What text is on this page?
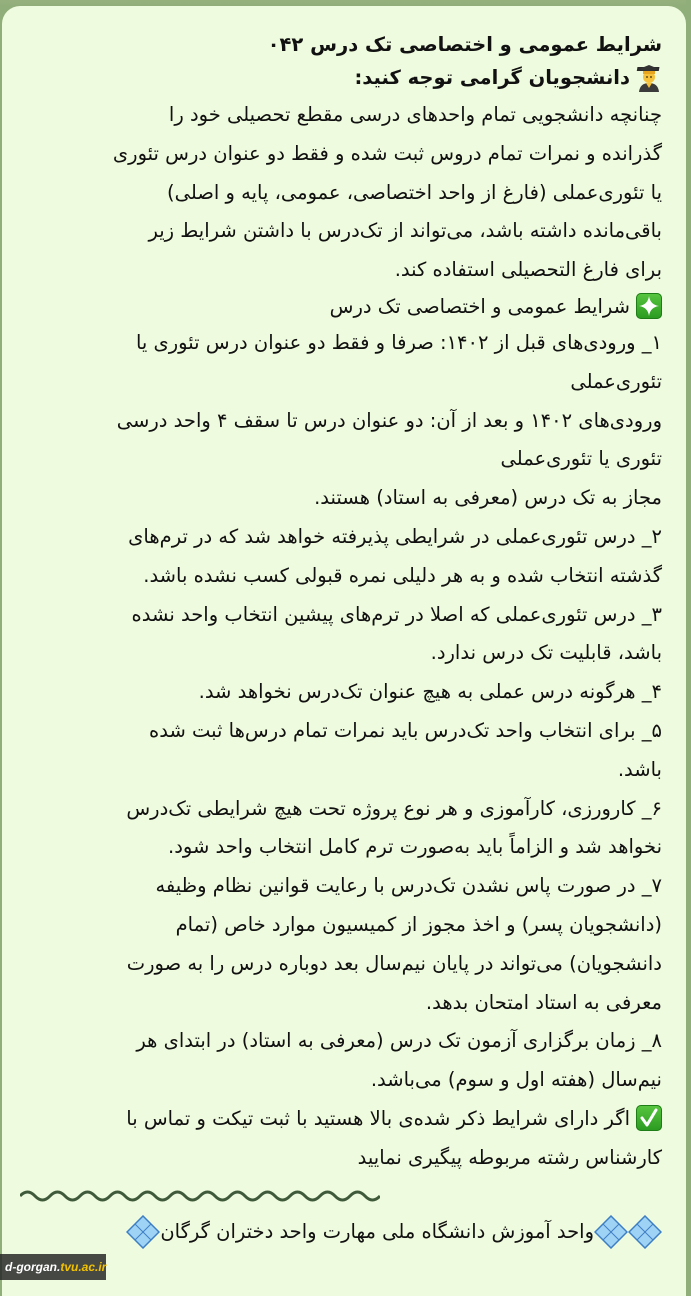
شرایط عمومی و اختصاصی تک درس ۰۴۲
دانشجویان گرامی توجه کنید:
چنانچه دانشجویی تمام واحدهای درسی مقطع تحصیلی خود را
گذرانده و نمرات تمام دروس ثبت شده و فقط دو عنوان درس تئوری
یا تئوری‌عملی (فارغ از واحد اختصاصی، عمومی، پایه و اصلی)
باقی‌مانده داشته باشد، می‌تواند از تک‌درس با داشتن شرایط زیر
برای فارغ التحصیلی استفاده کند.
شرایط عمومی و اختصاصی تک درس
۱_ ورودی‌های قبل از ۱۴۰۲: صرفا و فقط دو عنوان درس تئوری یا
تئوری‌عملی
ورودی‌های ۱۴۰۲ و بعد از آن: دو عنوان درس تا سقف ۴ واحد درسی
تئوری یا تئوری‌عملی
مجاز به تک درس (معرفی به استاد) هستند.
۲_ درس تئوری‌عملی در شرایطی پذیرفته خواهد شد که در ترم‌های
گذشته انتخاب شده و به هر دلیلی نمره قبولی کسب نشده باشد.
۳_ درس تئوری‌عملی که اصلا در ترم‌های پیشین انتخاب واحد نشده
باشد، قابلیت تک درس ندارد.
۴_ هرگونه درس عملی به هیچ عنوان تک‌درس نخواهد شد.
۵_ برای انتخاب واحد تک‌درس باید نمرات تمام درس‌ها ثبت شده
باشد.
۶_ کارورزی، کارآموزی و هر نوع پروژه تحت هیچ شرایطی تک‌درس
نخواهد شد و الزاماً باید به‌صورت ترم کامل انتخاب واحد شود.
۷_ در صورت پاس نشدن تک‌درس با رعایت قوانین نظام وظیفه
(دانشجویان پسر) و اخذ مجوز از کمیسیون موارد خاص (تمام
دانشجویان) می‌تواند در پایان نیم‌سال بعد دوباره درس را به صورت
معرفی به استاد امتحان بدهد.
۸_ زمان برگزاری آزمون تک درس (معرفی به استاد) در ابتدای هر
نیم‌سال (هفته اول و سوم) می‌باشد.
اگر دارای شرایط ذکر شده‌ی بالا هستید با ثبت تیکت و تماس با
کارشناس رشته مربوطه پیگیری نمایید
واحد آموزش دانشگاه ملی مهارت واحد دختران گرگان
d-gorgan.tvu.ac.ir
